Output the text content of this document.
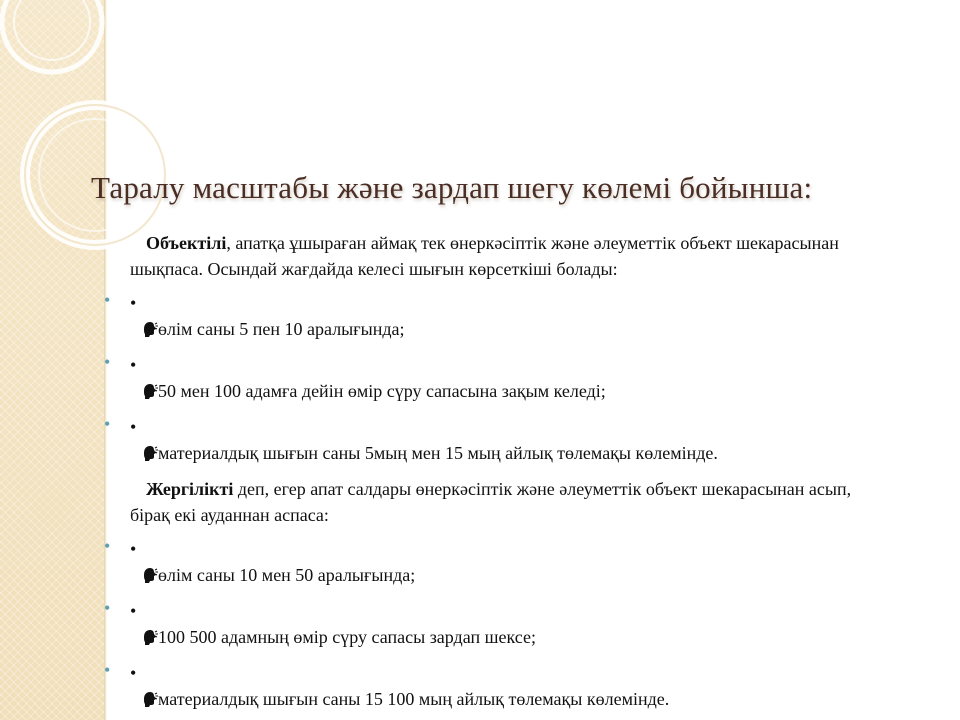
Таралу масштабы және зардап шегу көлемі бойынша:

Объектілі, апатқа ұшыраған аймақ тек өнеркәсіптік және әлеуметтік объект шекарасынан шықпаса. Осындай жағдайда келесі шығын көрсеткіші болады:

• •өлім саны 5 пен 10 аралығында;
• •50 мен 100 адамға дейін өмір сүру сапасына зақым келеді;
• •материалдық шығын саны 5мың мен 15 мың айлық төлемақы көлемінде.

Жергілікті деп, егер апат салдары өнеркәсіптік және әлеуметтік объект шекарасынан асып, бірақ екі ауданнан аспаса:

• •өлім саны 10 мен 50 аралығында;
• •100 500 адамның өмір сүру сапасы зардап шексе;
• •материалдық шығын саны 15 100 мың айлық төлемақы көлемінде.
